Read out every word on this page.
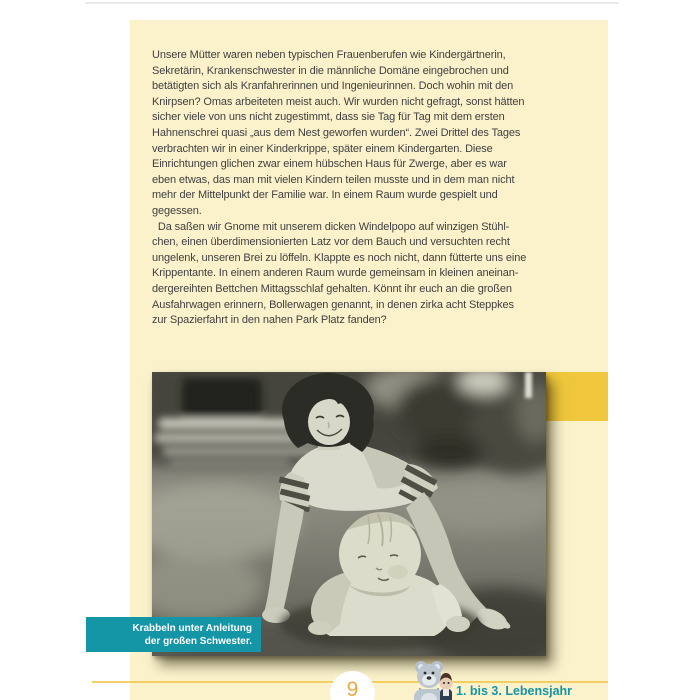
Unsere Mütter waren neben typischen Frauenberufen wie Kindergärtnerin,
Sekretärin, Krankenschwester in die männliche Domäne eingebrochen und
betätigten sich als Kranfahrerinnen und Ingenieurinnen. Doch wohin mit den
Knirpsen? Omas arbeiteten meist auch. Wir wurden nicht gefragt, sonst hätten
sicher viele von uns nicht zugestimmt, dass sie Tag für Tag mit dem ersten
Hahnenschrei quasi „aus dem Nest geworfen wurden“. Zwei Drittel des Tages
verbrachten wir in einer Kinderkrippe, später einem Kindergarten. Diese
Einrichtungen glichen zwar einem hübschen Haus für Zwerge, aber es war
eben etwas, das man mit vielen Kindern teilen musste und in dem man nicht
mehr der Mittelpunkt der Familie war. In einem Raum wurde gespielt und
gegessen.
Da saßen wir Gnome mit unserem dicken Windelpopo auf winzigen Stühl-
chen, einen überdimensionierten Latz vor dem Bauch und versuchten recht
ungelenk, unseren Brei zu löffeln. Klappte es noch nicht, dann fütterte uns eine
Krippentante. In einem anderen Raum wurde gemeinsam in kleinen aneinan-
dergereihten Bettchen Mittagsschlaf gehalten. Könnt ihr euch an die großen
Ausfahrwagen erinnern, Bollerwagen genannt, in denen zirka acht Steppkes
zur Spazierfahrt in den nahen Park Platz fanden?
Krabbeln unter Anleitung
der großen Schwester.
9	1. bis 3. Lebensjahr
